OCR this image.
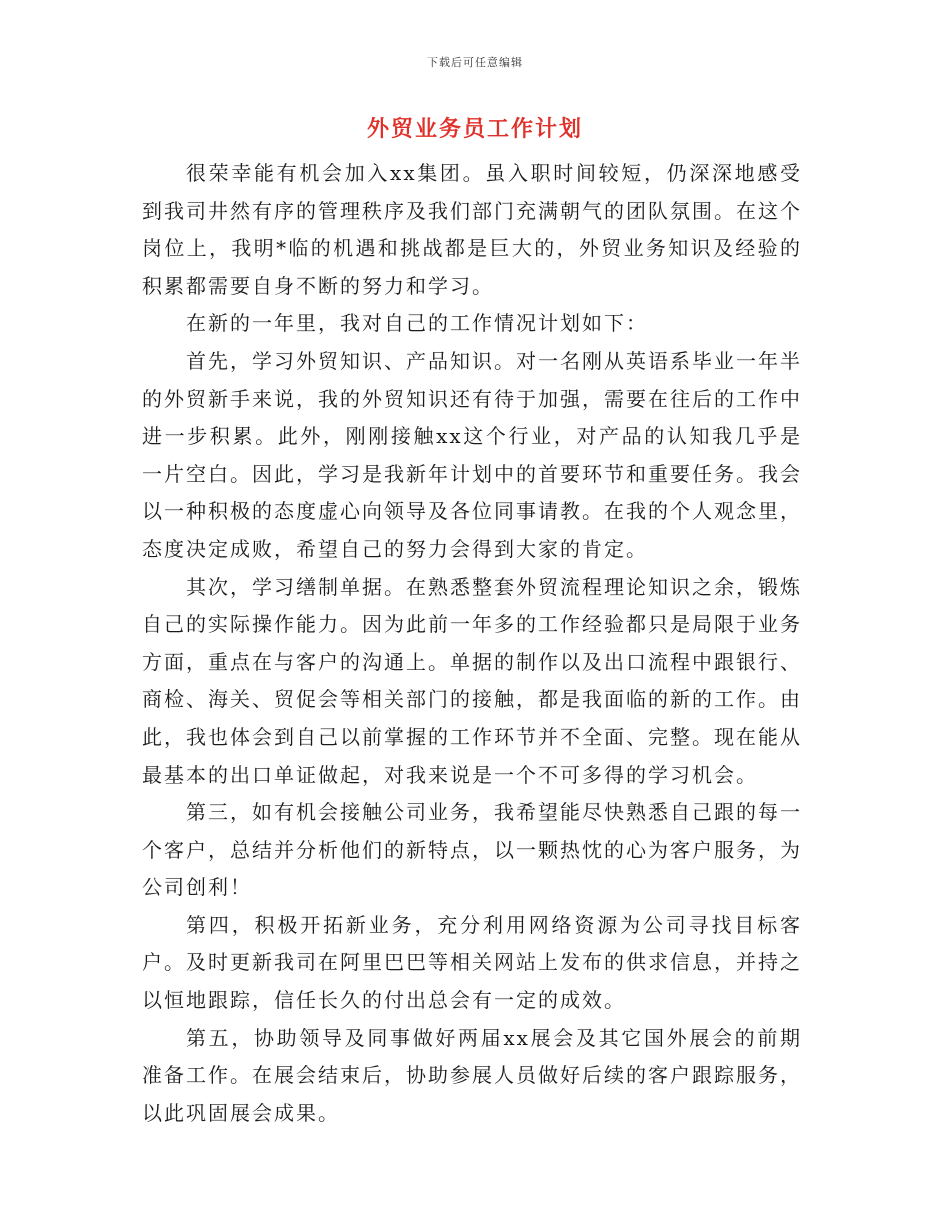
下载后可任意编辑
外贸业务员工作计划

很荣幸能有机会加入xx集团。虽入职时间较短，仍深深地感受到我司井然有序的管理秩序及我们部门充满朝气的团队氛围。在这个岗位上，我明*临的机遇和挑战都是巨大的，外贸业务知识及经验的积累都需要自身不断的努力和学习。

在新的一年里，我对自己的工作情况计划如下：

首先，学习外贸知识、产品知识。对一名刚从英语系毕业一年半的外贸新手来说，我的外贸知识还有待于加强，需要在往后的工作中进一步积累。此外，刚刚接触xx这个行业，对产品的认知我几乎是一片空白。因此，学习是我新年计划中的首要环节和重要任务。我会以一种积极的态度虚心向领导及各位同事请教。在我的个人观念里，态度决定成败，希望自己的努力会得到大家的肯定。

其次，学习缮制单据。在熟悉整套外贸流程理论知识之余，锻炼自己的实际操作能力。因为此前一年多的工作经验都只是局限于业务方面，重点在与客户的沟通上。单据的制作以及出口流程中跟银行、商检、海关、贸促会等相关部门的接触，都是我面临的新的工作。由此，我也体会到自己以前掌握的工作环节并不全面、完整。现在能从最基本的出口单证做起，对我来说是一个不可多得的学习机会。

第三，如有机会接触公司业务，我希望能尽快熟悉自己跟的每一个客户，总结并分析他们的新特点，以一颗热忱的心为客户服务，为公司创利！

第四，积极开拓新业务，充分利用网络资源为公司寻找目标客户。及时更新我司在阿里巴巴等相关网站上发布的供求信息，并持之以恒地跟踪，信任长久的付出总会有一定的成效。

第五，协助领导及同事做好两届xx展会及其它国外展会的前期准备工作。在展会结束后，协助参展人员做好后续的客户跟踪服务，以此巩固展会成果。
